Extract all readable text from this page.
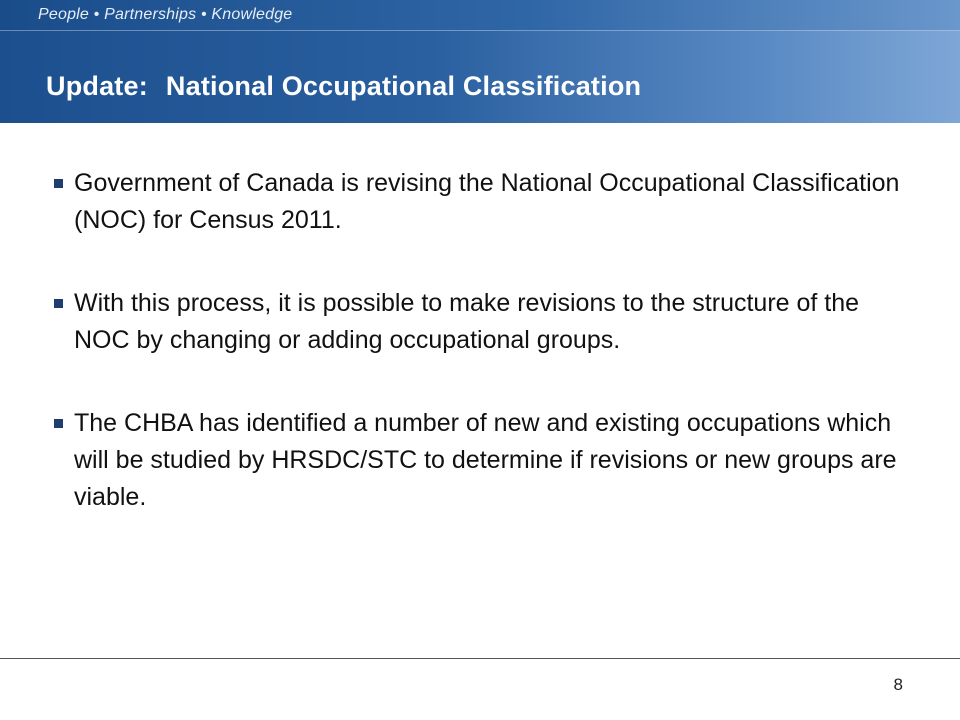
People • Partnerships • Knowledge
Update: National Occupational Classification
Government of Canada is revising the National Occupational Classification (NOC) for Census 2011.
With this process, it is possible to make revisions to the structure of the NOC by changing or adding occupational groups.
The CHBA has identified a number of new and existing occupations which will be studied by HRSDC/STC to determine if revisions or new groups are viable.
8
